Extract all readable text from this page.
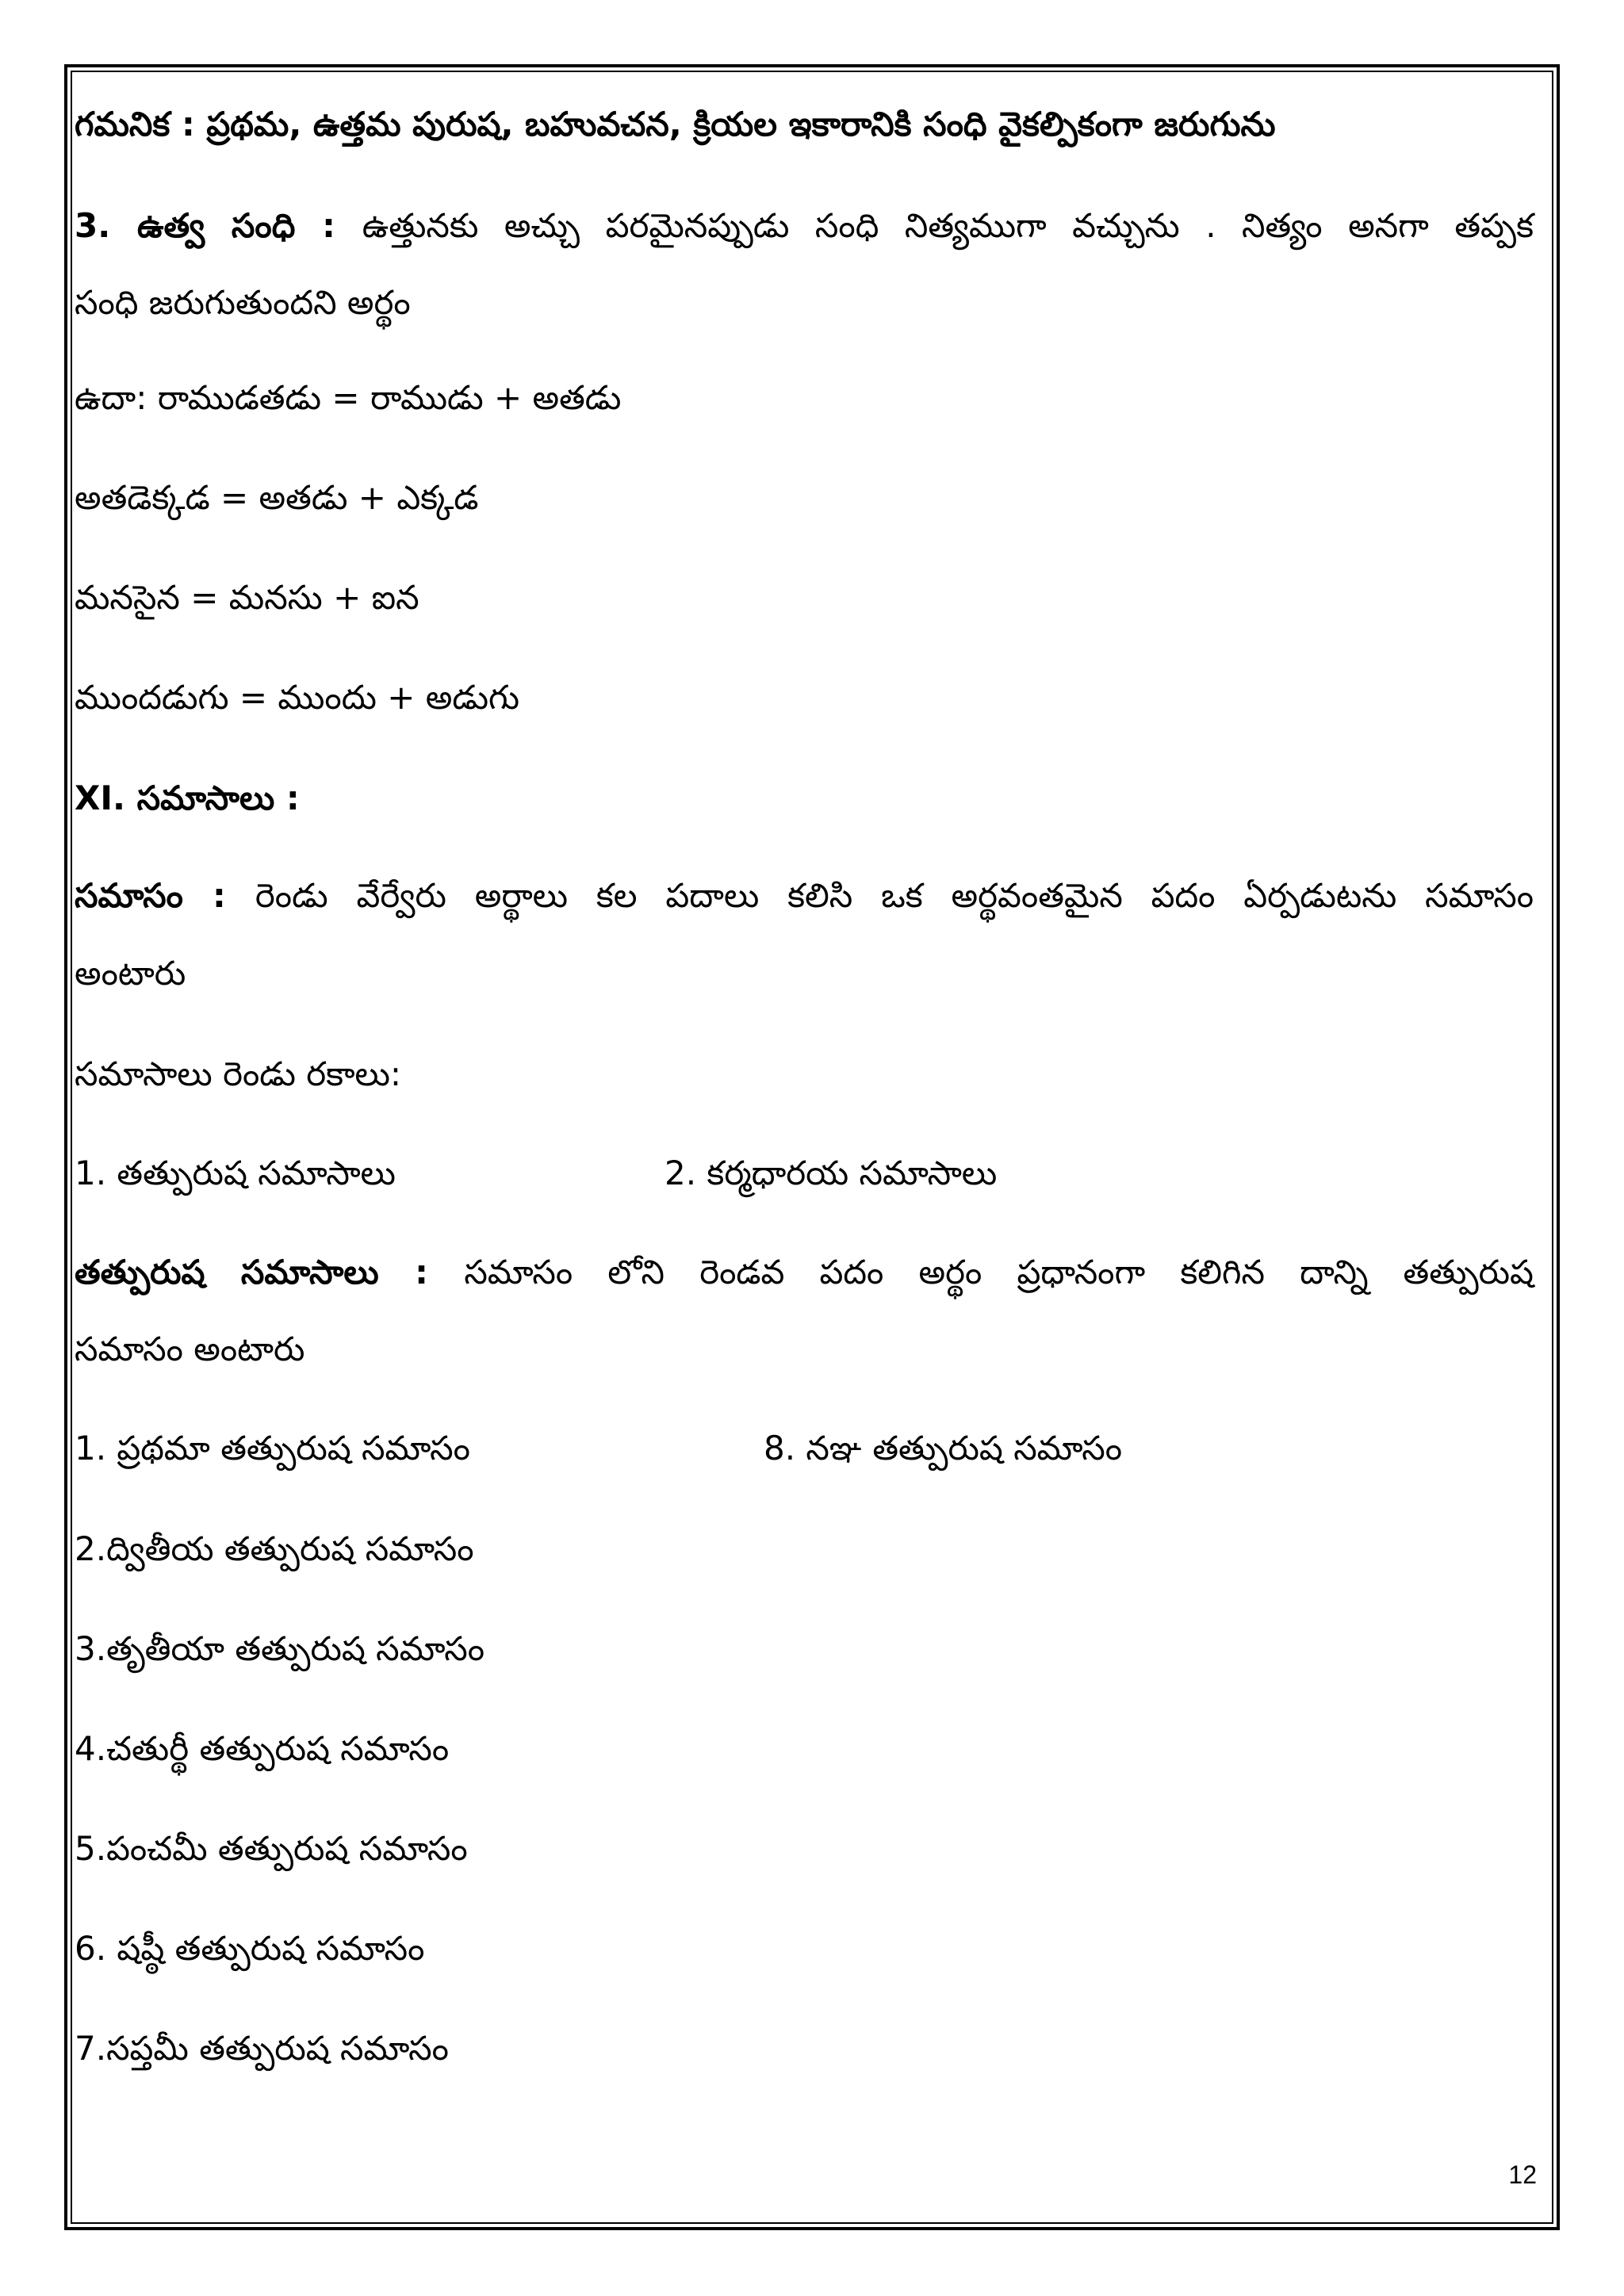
గమనిక : ప్రథమ, ఉత్తమ పురుష, బహువచన, క్రియల ఇకారానికి సంధి వైకల్పికంగా జరుగును
3. ఉత్వ సంధి : ఉత్తునకు అచ్చు పరమైనప్పుడు సంధి నిత్యముగా వచ్చును . నిత్యం అనగా తప్పక
సంధి జరుగుతుందని అర్థం
ఉదా: రాముడతడు = రాముడు + అతడు
అతడెక్కడ = అతడు + ఎక్కడ
మనసైన = మనసు + ఐన
ముందడుగు = ముందు + అడుగు
XI. సమాసాలు :
సమాసం : రెండు వేర్వేరు అర్థాలు కల పదాలు కలిసి ఒక అర్థవంతమైన పదం ఏర్పడుటను సమాసం
అంటారు
సమాసాలు రెండు రకాలు:
1. తత్పురుష సమాసాలు	2. కర్మధారయ సమాసాలు
తత్పురుష సమాసాలు : సమాసం లోని రెండవ పదం అర్థం ప్రధానంగా కలిగిన దాన్ని తత్పురుష
సమాసం అంటారు
1. ప్రథమా తత్పురుష సమాసం	8. నఞ తత్పురుష సమాసం
2.ద్వితీయ తత్పురుష సమాసం
3.తృతీయా తత్పురుష సమాసం
4.చతుర్థీ తత్పురుష సమాసం
5.పంచమీ తత్పురుష సమాసం
6. షష్ఠీ తత్పురుష సమాసం
7.సప్తమీ తత్పురుష సమాసం
12
